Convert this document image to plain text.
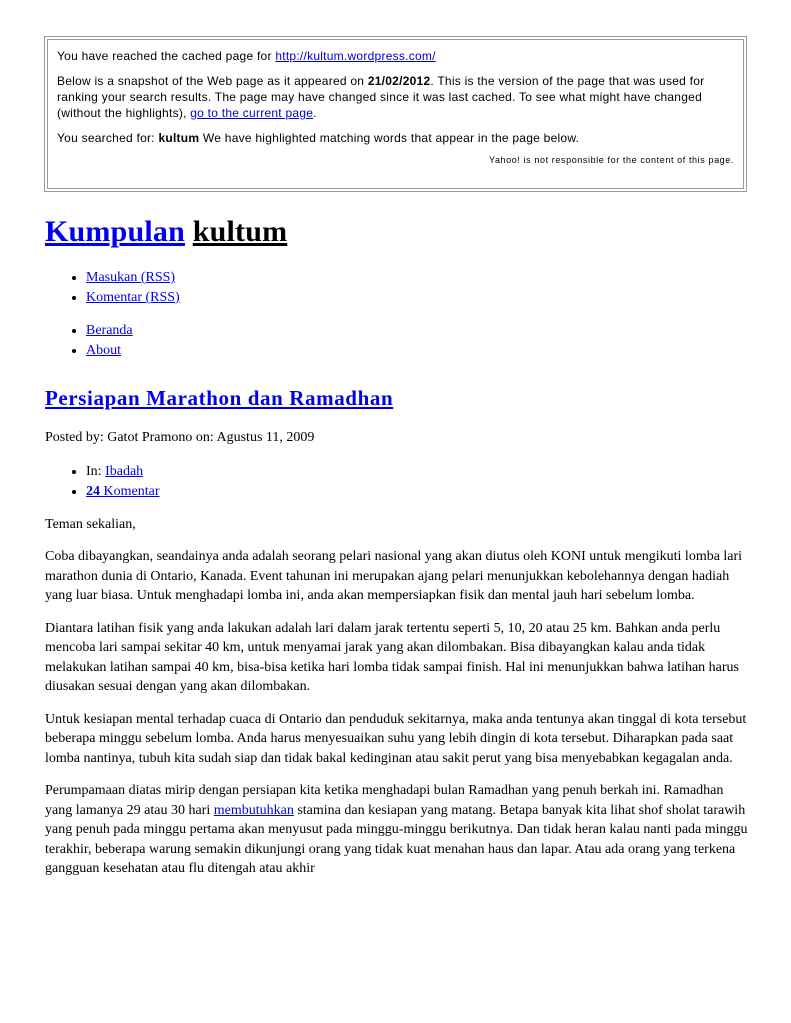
You have reached the cached page for http://kultum.wordpress.com/

Below is a snapshot of the Web page as it appeared on 21/02/2012. This is the version of the page that was used for ranking your search results. The page may have changed since it was last cached. To see what might have changed (without the highlights), go to the current page.

You searched for: kultum We have highlighted matching words that appear in the page below.

Yahoo! is not responsible for the content of this page.

Kumpulan kultum
• Masukan (RSS)
• Komentar (RSS)
• Beranda
• About
Persiapan Marathon dan Ramadhan

Posted by: Gatot Pramono on: Agustus 11, 2009

• In: Ibadah
• 24 Komentar

Teman sekalian,

Coba dibayangkan, seandainya anda adalah seorang pelari nasional yang akan diutus oleh KONI untuk mengikuti lomba lari marathon dunia di Ontario, Kanada. Event tahunan ini merupakan ajang pelari menunjukkan kebolehannya dengan hadiah yang luar biasa. Untuk menghadapi lomba ini, anda akan mempersiapkan fisik dan mental jauh hari sebelum lomba.

Diantara latihan fisik yang anda lakukan adalah lari dalam jarak tertentu seperti 5, 10, 20 atau 25 km. Bahkan anda perlu mencoba lari sampai sekitar 40 km, untuk menyamai jarak yang akan dilombakan. Bisa dibayangkan kalau anda tidak melakukan latihan sampai 40 km, bisa-bisa ketika hari lomba tidak sampai finish. Hal ini menunjukkan bahwa latihan harus diusakan sesuai dengan yang akan dilombakan.

Untuk kesiapan mental terhadap cuaca di Ontario dan penduduk sekitarnya, maka anda tentunya akan tinggal di kota tersebut beberapa minggu sebelum lomba. Anda harus menyesuaikan suhu yang lebih dingin di kota tersebut. Diharapkan pada saat lomba nantinya, tubuh kita sudah siap dan tidak bakal kedinginan atau sakit perut yang bisa menyebabkan kegagalan anda.

Perumpamaan diatas mirip dengan persiapan kita ketika menghadapi bulan Ramadhan yang penuh berkah ini. Ramadhan yang lamanya 29 atau 30 hari membutuhkan stamina dan kesiapan yang matang. Betapa banyak kita lihat shof sholat tarawih yang penuh pada minggu pertama akan menyusut pada minggu-minggu berikutnya. Dan tidak heran kalau nanti pada minggu terakhir, beberapa warung semakin dikunjungi orang yang tidak kuat menahan haus dan lapar. Atau ada orang yang terkena gangguan kesehatan atau flu ditengah atau akhir
